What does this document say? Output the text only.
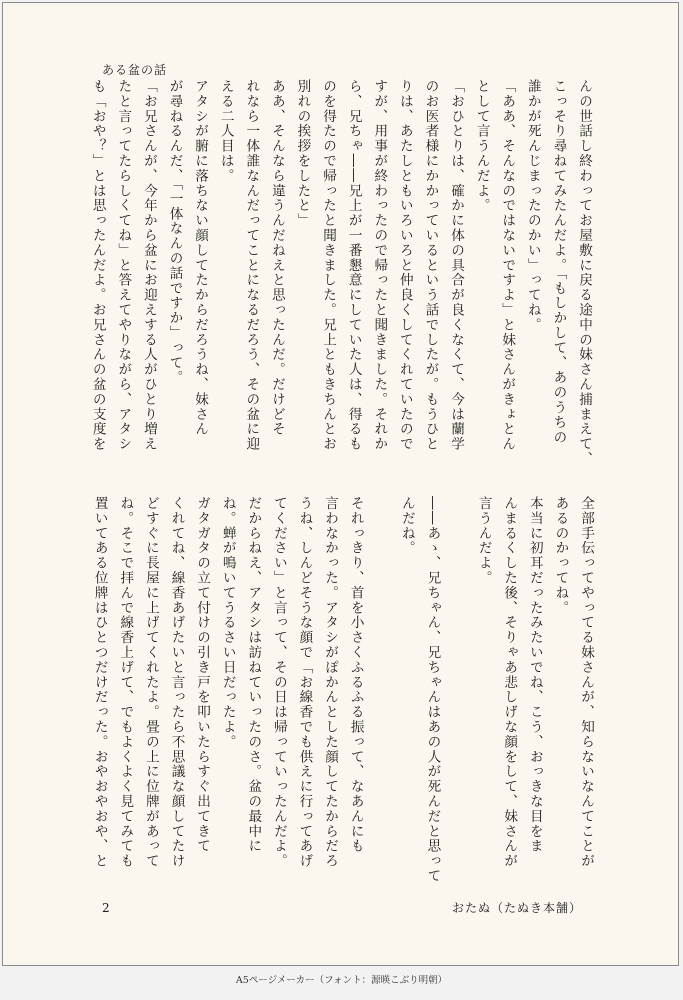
ある盆の話

んの世話し終わってお屋敷に戻る途中の妹さん捕まえて、

こっそり尋ねてみたんだよ。「もしかして、あのうちの

誰かが死んじまったのかい」ってね。

「ああ、そんなのではないですよ」と妹さんがきょとん

として言うんだよ。

「おひとりは、確かに体の具合が良くなくて、今は蘭学

のお医者様にかかっているという話でしたが。もうひと

りは、あたしともいろいろと仲良くしてくれていたので

すが、用事が終わったので帰ったと聞きました。それか

ら、兄ちゃ――兄上が一番懇意にしていた人は、得るも

のを得たので帰ったと聞きました。兄上ともきちんとお

別れの挨拶をしたと」

ああ、そんなら違うんだねえと思ったんだ。だけどそ

れなら一体誰なんだってことになるだろう、その盆に迎

える二人目は。

アタシが腑に落ちない顔してたからだろうね、妹さん

が尋ねるんだ、「一体なんの話ですか」って。

「お兄さんが、今年から盆にお迎えする人がひとり増え

たと言ってたらしくてね」と答えてやりながら、アタシ

も「おや？」とは思ったんだよ。お兄さんの盆の支度を

全部手伝ってやってる妹さんが、知らないなんてことが

あるのかってね。

本当に初耳だったみたいでね、こう、おっきな目をま

んまるくした後、そりゃあ悲しげな顔をして、妹さんが

言うんだよ。

――あゝ、兄ちゃん、兄ちゃんはあの人が死んだと思って

んだね。

それっきり、首を小さくふるふる振って、なあんにも

言わなかった。アタシがぽかんとした顔してたからだろ

うね、しんどそうな顔で「お線香でも供えに行ってあげ

てください」と言って、その日は帰っていったんだよ。

だからねえ、アタシは訪ねていったのさ。盆の最中に

ね。蝉が鳴いてうるさい日だったよ。

ガタガタの立て付けの引き戸を叩いたらすぐ出てきて

くれてね、線香あげたいと言ったら不思議な顔してたけ

どすぐに長屋に上げてくれたよ。畳の上に位牌があって

ね。そこで拝んで線香上げて、でもよくよく見てみても

置いてある位牌はひとつだけだった。おやおやおや、と

2	おたぬ（たぬき本舗）
A5ページメーカー（フォント：源暎こぶり明朝）
